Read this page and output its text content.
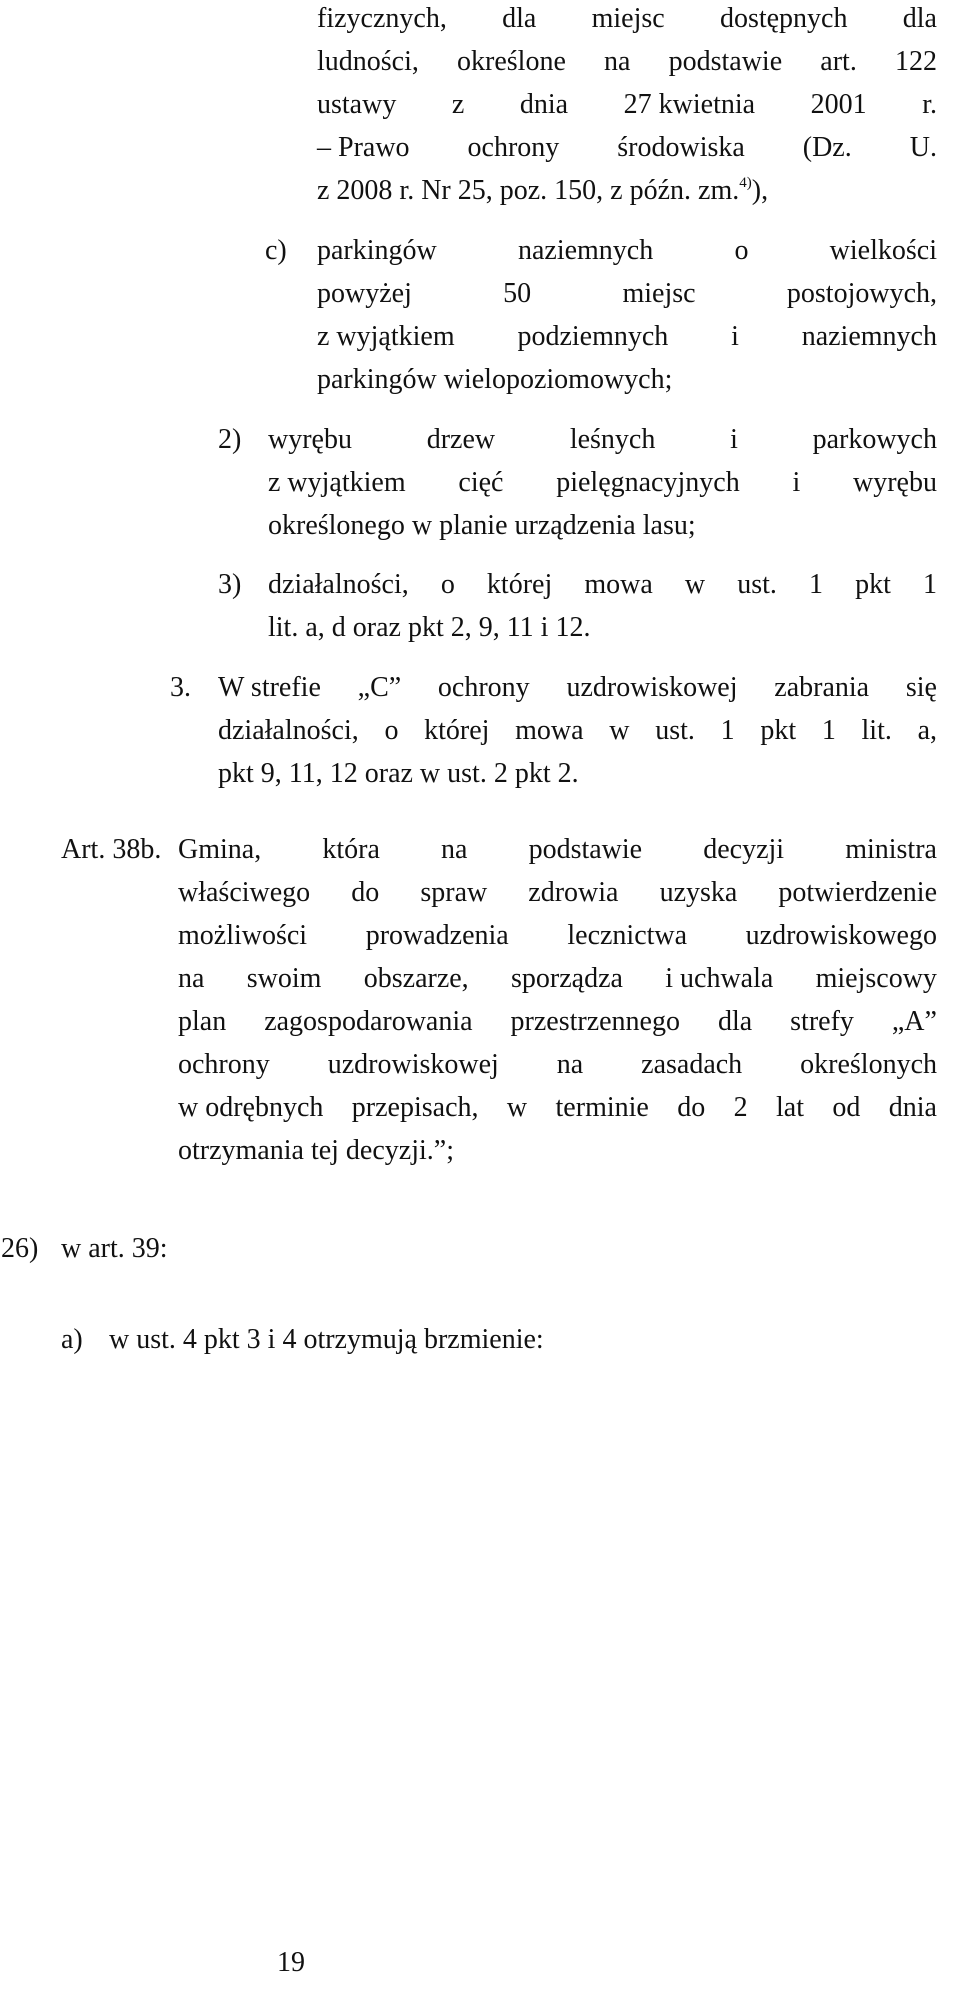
fizycznych, dla miejsc dostępnych dla
ludności, określone na podstawie art. 122
ustawy z dnia 27 kwietnia 2001 r.
– Prawo ochrony środowiska (Dz. U.
z 2008 r. Nr 25, poz. 150, z późn. zm.$^{4)}$),
c) parkingów	naziemnych	o	wielkości
powyżej	50	miejsc	postojowych,
z wyjątkiem podziemnych i naziemnych
parkingów wielopoziomowych;
2) wyrębu	drzew	leśnych	i	parkowych
z wyjątkiem cięć pielęgnacyjnych i wyrębu
określonego w planie urządzenia lasu;
3) działalności, o której mowa w ust. 1 pkt 1
lit. a, d oraz pkt 2, 9, 11 i 12.
3. W strefie „C” ochrony uzdrowiskowej zabrania się
działalności, o której mowa w ust. 1 pkt 1 lit. a,
pkt 9, 11, 12 oraz w ust. 2 pkt 2.
Art. 38b. Gmina, która na podstawie decyzji ministra
właściwego do spraw zdrowia uzyska potwierdzenie
możliwości prowadzenia lecznictwa uzdrowiskowego
na swoim obszarze, sporządza i uchwala miejscowy
plan zagospodarowania przestrzennego dla strefy „A”
ochrony uzdrowiskowej na zasadach określonych
w odrębnych przepisach, w terminie do 2 lat od dnia
otrzymania tej decyzji.”;
26) w art. 39:
a) w ust. 4 pkt 3 i 4 otrzymują brzmienie:
19
